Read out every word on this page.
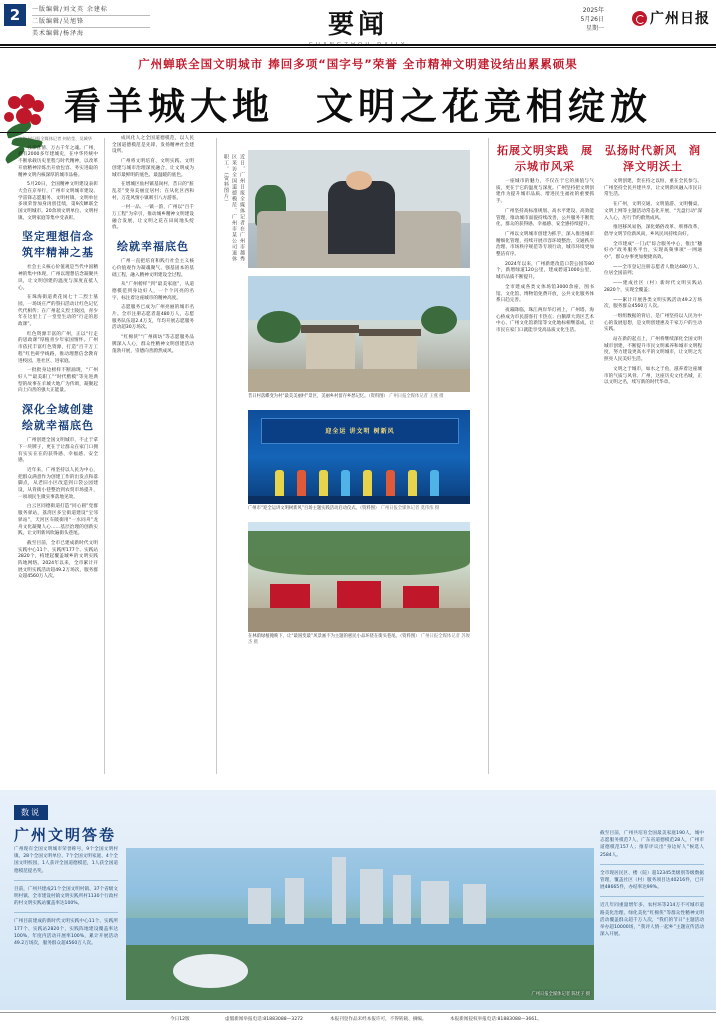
2	一版编辑/刘文英 余建标
二版编辑/吴旭锋
美术编辑/杨泽海	要闻	2025年
5月26日
星期一
广州日报
广州蝉联全国文明城市 捧回多项“国字号”荣誉 全市精神文明建设结出累累硕果
看羊城大地　文明之花竞相绽放

文/广州日报全媒体记者 何钻莹、吴城华

五羊含情、万古千年之魂。广州，拥有2000多年建城史，在中华传统中不断承载历史里程与时代精神，以改革开放精神淬炼出开放包容、务实进取的精神文明内核深厚的城市品格。

5月20日，全国精神文明建设表彰大会在京举行，广州市文明城市建设、学雷锋志愿服务、文明村镇、文明单位多项荣誉加身再创佳绩，第9次蝉联全国文明城市。20余项文明单位、文明村镇、文明家庭等集中受表彰。

坚定理想信念　筑牢精神之基

社会主义核心价值观是当代中国精神的集中体现，广州以理想信念凝聚共识，让文明创建的温度与深度直抵人心。

在珠海街道黄花岗七十二烈士墓园，一场场庄严的祭扫活动让红色记忆代代相传；在广州起义烈士陵园，青少年在这里上了一堂堂生动的“行走的思政课”。

红色资源丰富的广州，正以“行走的思政课”厚植青少年家国情怀。广州市依托丰富红色资源，打造“百千万工程”红色研学线路，推动理想信念教育进校园、进社区、进家庭。

一批批身边榜样不断涌现，“广州好人”“最美职工”“时代楷模”等先进典型的故事在羊城大地广为传颂，凝聚起向上向善的强大正能量。

深化全域创建　绘就幸福底色

广州创建全国文明城市，不止于拿下一块牌子，更在于让群众在家门口拥有实实在在的获得感、幸福感、安全感。

近年来，广州坚持以人民为中心，把群众满意作为创建工作的出发点和落脚点，从老旧小区改造到口袋公园建设，从背街小巷整治到农贸市场提升，一项项民生微实事落地见效。

白云区同德街道打造“同心圆”党群服务驿站，荔湾区多宝街道建设“宝邻驿站”，天河区车陂街用“一水同舟”龙舟文化凝聚人心……基层治理的创新实践，让文明新风吹遍街头巷尾。

截至目前，全市已建成新时代文明实践中心11个、实践所177个、实践站2820个，构建起覆盖城乡的文明实践阵地网络。2024年以来，全市累计开展文明实践活动超49.2万场次，服务群众超4560万人次。

成风化人之全国道德模范，以人民全国道德模范是先锋，发扬精神社会建设所。

广州将文明培育、文明实践、文明创建与城市治理深度融合，让文明成为城市最鲜明的底色、最温暖的底色。

在增城区仙村镇基岗村，昔日的“脏乱差”变身美丽宜居村；在从化区西和村，万花风情小镇吸引八方游客。

一村一品、一镇一韵，广州以“百千万工程”为牵引，推动城乡精神文明建设融合发展，让文明之花在田间地头绽放。

绘就幸福底色

广州一直把培育和践行社会主义核心价值观作为凝魂聚气、强基固本的基础工程，融入精神文明建设全过程。

从“广州榜样”到“最美家庭”，从道德模范到身边好人，一个个闪亮的名字，标注着这座城市的精神高度。

志愿服务已成为广州亮丽的城市名片。全市注册志愿者超480万人，志愿服务队伍超2.4万支，年均开展志愿服务活动超30万场次。

“红棉侠”“广州街坊”等志愿服务品牌深入人心，群众性精神文明创建活动蓬勃开展，崇德向善蔚然成风。

近日，广州日报全媒体记者在广州市越秀区采访全国道德模范、广州市某公司退休职工。（资料图片）
昔日村落蝶变为村“最美美丽村”景区，美丽乡村留存乡愁记忆。（资料图） 广州日报全媒体记者 王燕 摄
迎全运 讲文明 树新风
广州市“迎全运讲文明树新风”百场主题实践活动启动仪式。（资料图） 广州日报全媒体记者 莫伟浓 摄
在林荫绿植掩映下，让“最圆变最”风景画不为主题的惠民小品环绕在街头巷尾。（资料图） 广州日报全媒体记者 苏俊杰 摄
拓展文明实践　展示城市风采

一座城市的魅力，不仅在于它的颜值与气质，更在于它的温度与深度。广州坚持把文明创建作为提升城市品质、增进民生福祉的重要抓手。

广州坚持高标准规划、高水平建设、高效能管理，推动城市面貌持续改善，公共服务不断优化，群众的获得感、幸福感、安全感持续提升。

广州以文明城市创建为抓手，深入推进城市精细化管理，持续开展市容环境整治、交通秩序治理、市场秩序规范等专项行动，城市环境更加整洁有序。

2024年以来，广州新建改造口袋公园等80个，新增绿道120公里，建成碧道1000公里，城市品质不断提升。

全市建成各类文体场馆3000余座，图书馆、文化馆、博物馆免费开放，公共文化服务体系日趋完善。

夜幕降临，珠江两岸华灯初上，广州塔、海心桥成为市民游客打卡热点；白鹅潭大湾区艺术中心、广州文化馆新馆等文化地标相继落成，让市民在家门口就能享受高品质文化生活。

弘扬时代新风　润泽文明沃土

文明创建，贵在持之以恒，重在全民参与。广州坚持全民共建共享，让文明新风融入市民日常生活。

在广州，文明交通、文明旅游、文明餐桌、文明上网等主题活动常态化开展，“光盘行动”深入人心，厉行节约蔚然成风。

推进移风易俗，深化婚俗改革、殡葬改革，倡导文明节俭新风尚，乡风民风持续向好。

全市建成“一门式”综合服务中心，推出“穗好办”政务服务平台，实现高频事项“一网通办”，群众办事更加便捷高效。

——全市登记注册志愿者人数达480万人，位居全国前列；

——建成社区（村）新时代文明实践站2820个，实现全覆盖；

——累计开展各类文明实践活动49.2万场次，服务群众4560万人次。

一组组数据的背后，是广州坚持以人民为中心的发展思想，是文明创建惠及千家万户的生动实践。

站在新的起点上，广州将继续深化全国文明城市创建，不断提升市民文明素养和城市文明程度，努力建设更高水平的文明城市，让文明之光照亮人民美好生活。

文明之于城市，如水之于鱼，滋养着这座城市的气质与风骨。广州，这座历史文化名城，正以文明之名，续写新的时代华章。

数说
广州文明答卷
广州现有全国文明城市荣誉称号，9个全国文明村镇、28个全国文明单位、7个全国文明家庭、4个全国文明校园，1人获评全国道德模范，1人获全国道德模范提名奖。
目前，广州共建成21个全国文明村镇、37个省级文明村镇、全市建设村镇文明实践所村1130个行政村的村文明实践站覆盖率达100%。
广州目前建成的新时代文明实践中心11个、实践所177个、实践站2820个，实践阵地建设覆盖率达100%，年度内活动开展率100%，累计开展活动49.2万场次，服务群众超4560万人次。
截至目前，广州共培育全国最美家庭190人，城中志愿服务模范7人，广东省道德模范28人，广州市道德模范157人；推荐评议出“身边好人”候选人2584人。
全市现居民区、楼（院）超12345类级别等级数据管理，覆盖社区（村）服务项目达40216件，已开展48665件，办结率达99%。
近几年同重量增年多、农村环等214万不可城市道路美化治理、绿化美化“红棉侠”等群众性精神文明活动覆盖群众超千万人次，“我们的节日”主题活动举办超10000场，“我评人情一起乡”主题宣传活动深入开展。
广州日报全媒体记者 陈忧子 摄
今日12版	虚假新闻举报电话:81883088—3272	本报刊登作品未经本报许可，不得转载、摘编。	本报新闻侵权举报电话:81883088—3661。
